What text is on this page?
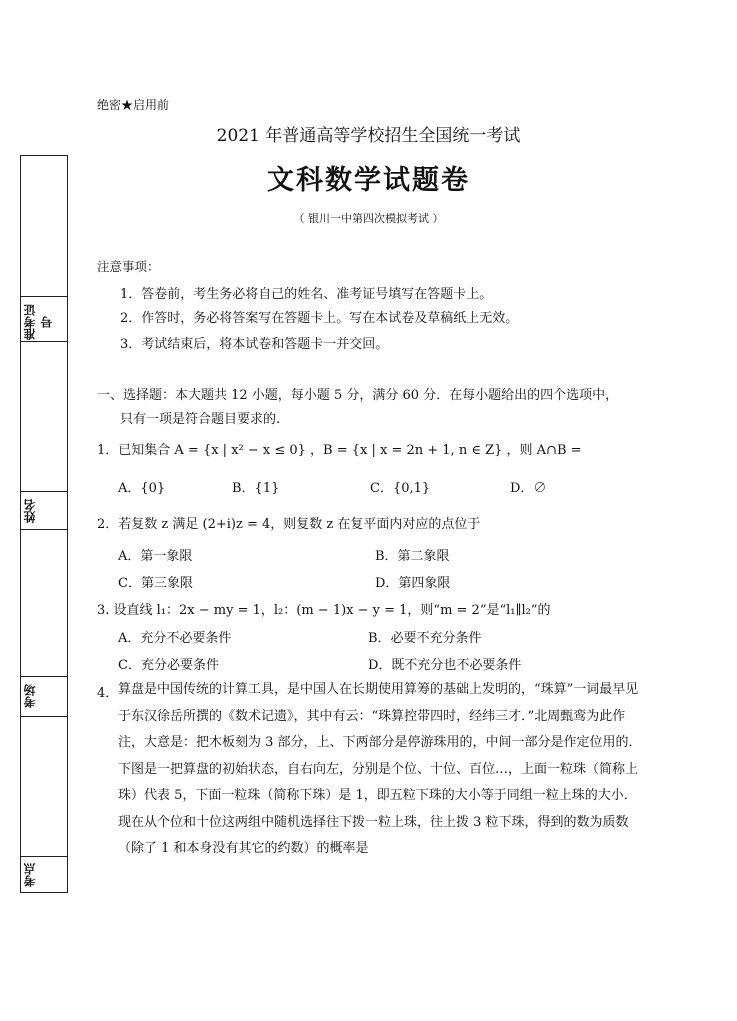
准考证号
姓名
考场
考点
绝密★启用前
2021 年普通高等学校招生全国统一考试
文科数学试题卷
（ 银川一中第四次模拟考试 ）
注意事项：
1．答卷前，考生务必将自己的姓名、准考证号填写在答题卡上。
2．作答时，务必将答案写在答题卡上。写在本试卷及草稿纸上无效。
3．考试结束后，将本试卷和答题卡一并交回。
一、选择题：本大题共 12 小题，每小题 5 分，满分 60 分．在每小题给出的四个选项中，
只有一项是符合题目要求的.
1．已知集合 A = {x | x² − x ≤ 0} ，B = {x | x = 2n + 1, n ∈ Z} ，则 A∩B =
A．{0}	B．{1}	C．{0,1}	D．∅
2．若复数 z 满足 (2+i)z = 4，则复数 z 在复平面内对应的点位于
A．第一象限	B．第二象限
C．第三象限	D．第四象限
3. 设直线 l₁：2x − my = 1，l₂：(m − 1)x − y = 1，则“m = 2”是“l₁∥l₂”的
A．充分不必要条件	B．必要不充分条件
C．充分必要条件	D．既不充分也不必要条件
4． 算盘是中国传统的计算工具，是中国人在长期使用算筹的基础上发明的，“珠算”一词最早见于东汉徐岳所撰的《数术记遗》，其中有云：“珠算控带四时，经纬三才．”北周甄鸾为此作注，大意是：把木板刻为 3 部分，上、下两部分是停游珠用的，中间一部分是作定位用的．下图是一把算盘的初始状态，自右向左，分别是个位、十位、百位…，上面一粒珠（简称上珠）代表 5，下面一粒珠（简称下珠）是 1，即五粒下珠的大小等于同组一粒上珠的大小．现在从个位和十位这两组中随机选择往下拨一粒上珠，往上拨 3 粒下珠，得到的数为质数（除了 1 和本身没有其它的约数）的概率是
